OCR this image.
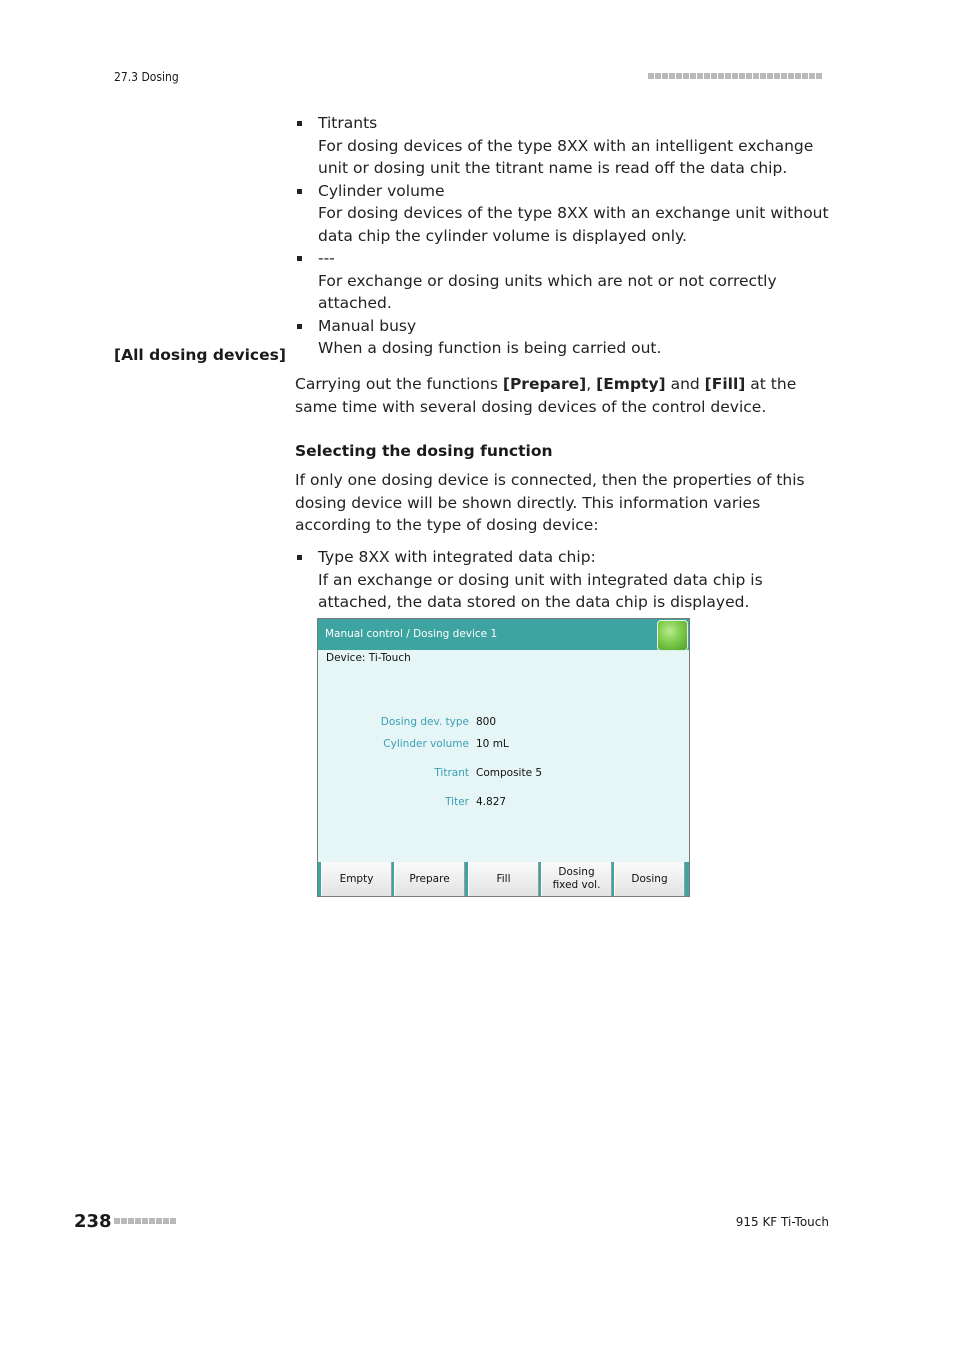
27.3 Dosing
Titrants
For dosing devices of the type 8XX with an intelligent exchange unit or dosing unit the titrant name is read off the data chip.
Cylinder volume
For dosing devices of the type 8XX with an exchange unit without data chip the cylinder volume is displayed only.
---
For exchange or dosing units which are not or not correctly attached.
Manual busy
When a dosing function is being carried out.
[All dosing devices]

Carrying out the functions [Prepare], [Empty] and [Fill] at the same time with several dosing devices of the control device.

Selecting the dosing function

If only one dosing device is connected, then the properties of this dosing device will be shown directly. This information varies according to the type of dosing device:

Type 8XX with integrated data chip:
If an exchange or dosing unit with integrated data chip is attached, the data stored on the data chip is displayed.
Manual control / Dosing device 1
Device: Ti-Touch
Dosing dev. type 800
Cylinder volume 10 mL
Titrant Composite 5
Titer 4.827
Empty	Prepare	Fill
Dosing
fixed vol.
Dosing
238	915 KF Ti-Touch
